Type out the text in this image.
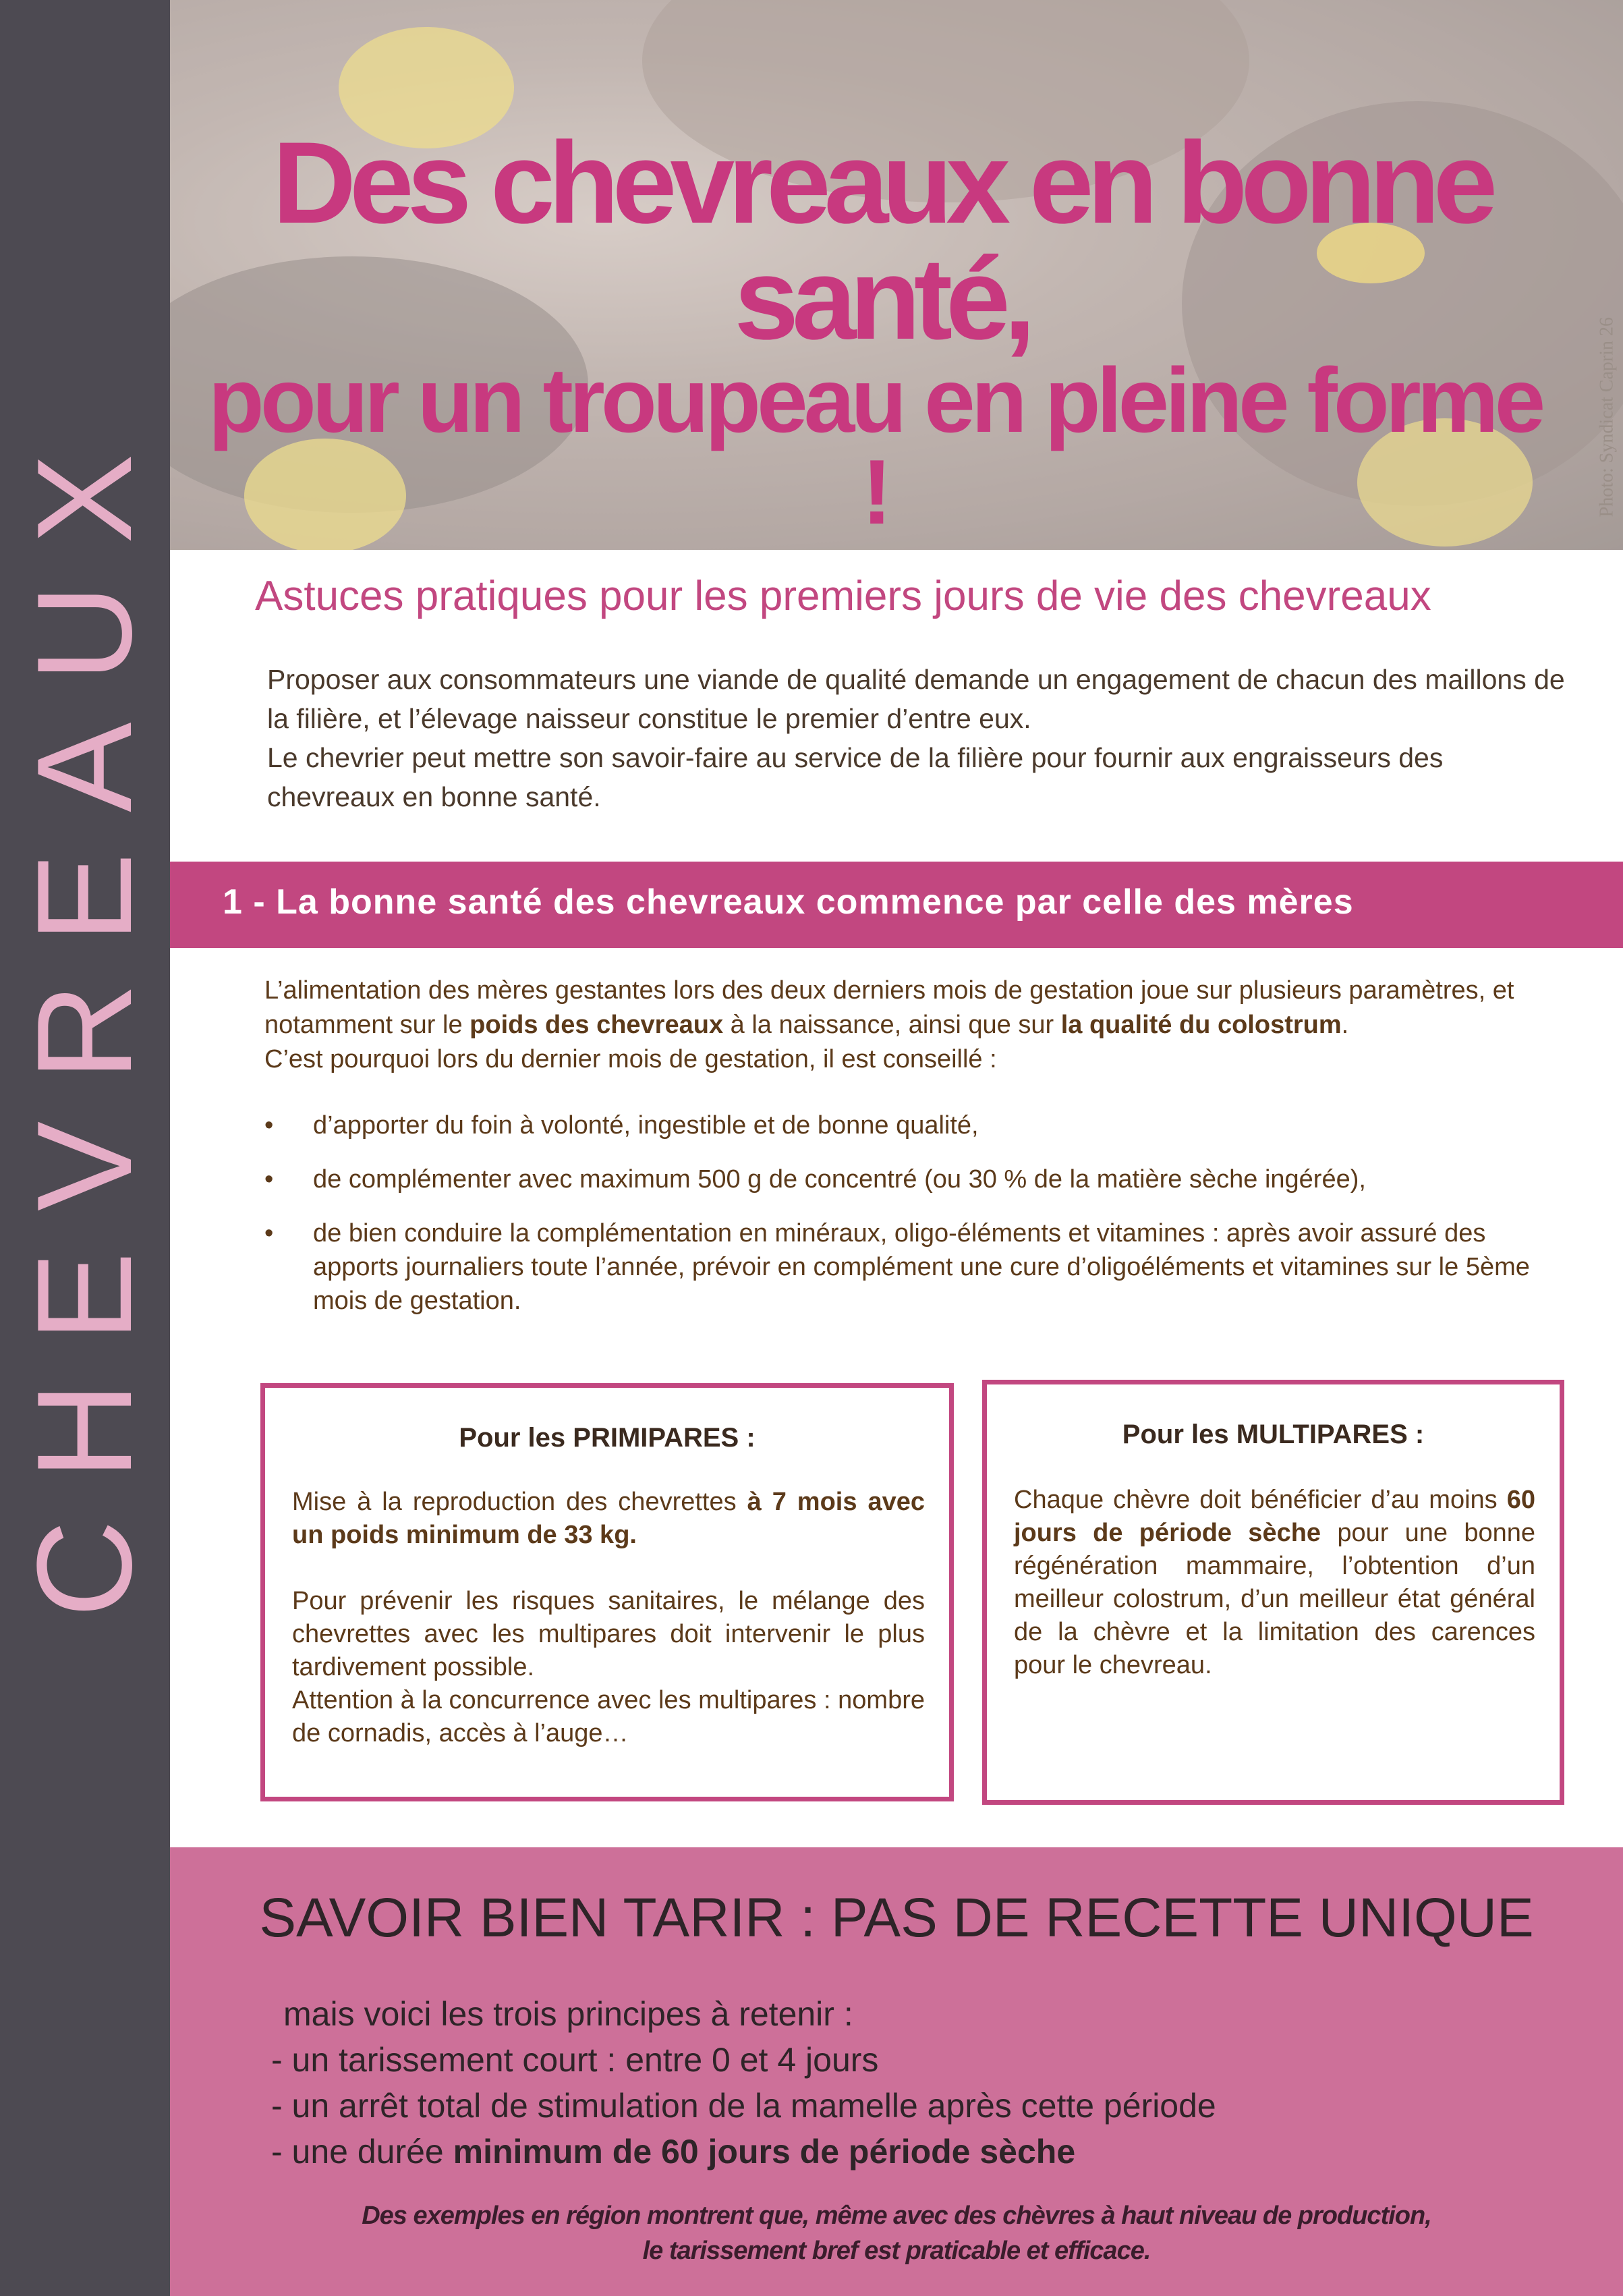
CHEVREAUX
Des chevreaux en bonne santé,
pour un troupeau en pleine forme !	Photo: Syndicat Caprin 26
Astuces pratiques pour les premiers jours de vie des chevreaux

Proposer aux consommateurs une viande de qualité demande un engagement de chacun des maillons de la filière, et l’élevage naisseur constitue le premier d’entre eux.

Le chevrier peut mettre son savoir-faire au service de la filière pour fournir aux engraisseurs des chevreaux en bonne santé.

1 - La bonne santé des chevreaux commence par celle des mères

L’alimentation des mères gestantes lors des deux derniers mois de gestation joue sur plusieurs paramètres, et notamment sur le poids des chevreaux à la naissance, ainsi que sur la qualité du colostrum.

C’est pourquoi lors du dernier mois de gestation, il est conseillé :

• d’apporter du foin à volonté, ingestible et de bonne qualité,
• de complémenter avec maximum 500 g de concentré (ou 30 % de la matière sèche ingérée),
• de bien conduire la complémentation en minéraux, oligo-éléments et vitamines : après avoir assuré des apports journaliers toute l’année, prévoir en complément une cure d’oligoéléments et vitamines sur le 5ème mois de gestation.
Pour les PRIMIPARES :

Mise à la reproduction des chevrettes à 7 mois avec un poids minimum de 33 kg.

Pour prévenir les risques sanitaires, le mélange des chevrettes avec les multipares doit intervenir le plus tardivement possible.

Attention à la concurrence avec les multipares : nombre de cornadis, accès à l’auge…

Pour les MULTIPARES :

Chaque chèvre doit bénéficier d’au moins 60 jours de période sèche pour une bonne régénération mammaire, l’obtention d’un meilleur colostrum, d’un meilleur état général de la chèvre et la limitation des carences pour le chevreau.

SAVOIR BIEN TARIR : PAS DE RECETTE UNIQUE
mais voici les trois principes à retenir :
- un tarissement court : entre 0 et 4 jours
- un arrêt total de stimulation de la mamelle après cette période
- une durée minimum de 60 jours de période sèche
Des exemples en région montrent que, même avec des chèvres à haut niveau de production,
le tarissement bref est praticable et efficace.
